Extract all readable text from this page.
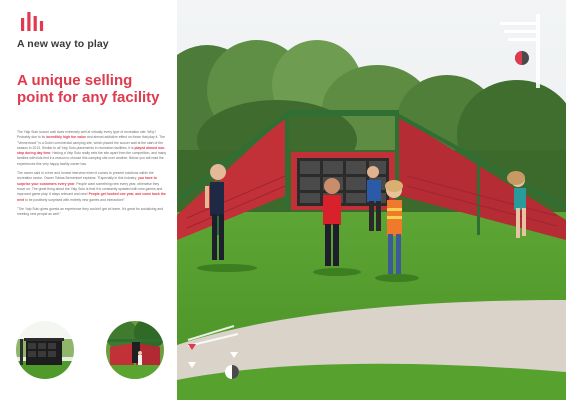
A new way to play
A unique selling point for any facility

The Yalp Sutu soccer wall does extremely well at virtually every type of recreation site. Why? Probably due to its incredibly high fun value and almost addictive effect on those that play it. The "Vennemood" is a Dutch commercial camping site, which placed the soccer wall at the start of the season in 2013. Similar to all Yalp Sutu placements in recreation facilities, it is played almost non-stop during day time. Having a Yalp Sutu really sets the site apart from the competition, and many families with kids find it a reason to choose this camping site over another. Below you will read the experiences this very happy facility owner has.

The owner said in a free and honest interview when it comes to present solutions within the recreation sector. Owner Tobias Bernenloef explains: "Especially in this industry, you have to surprise your customers every year. People want something new every year, otherwise they move on. The great thing about the Yalp Sutu is that it is constantly updated with new games and improved game play. It stays relevant and new! People get hooked one year, and come back the next to be positively surprised with entirely new games and interaction!"

"The Yalp Sutu gives guests an experience they couldn't get at home. It's great for socializing and meeting new people as well."
